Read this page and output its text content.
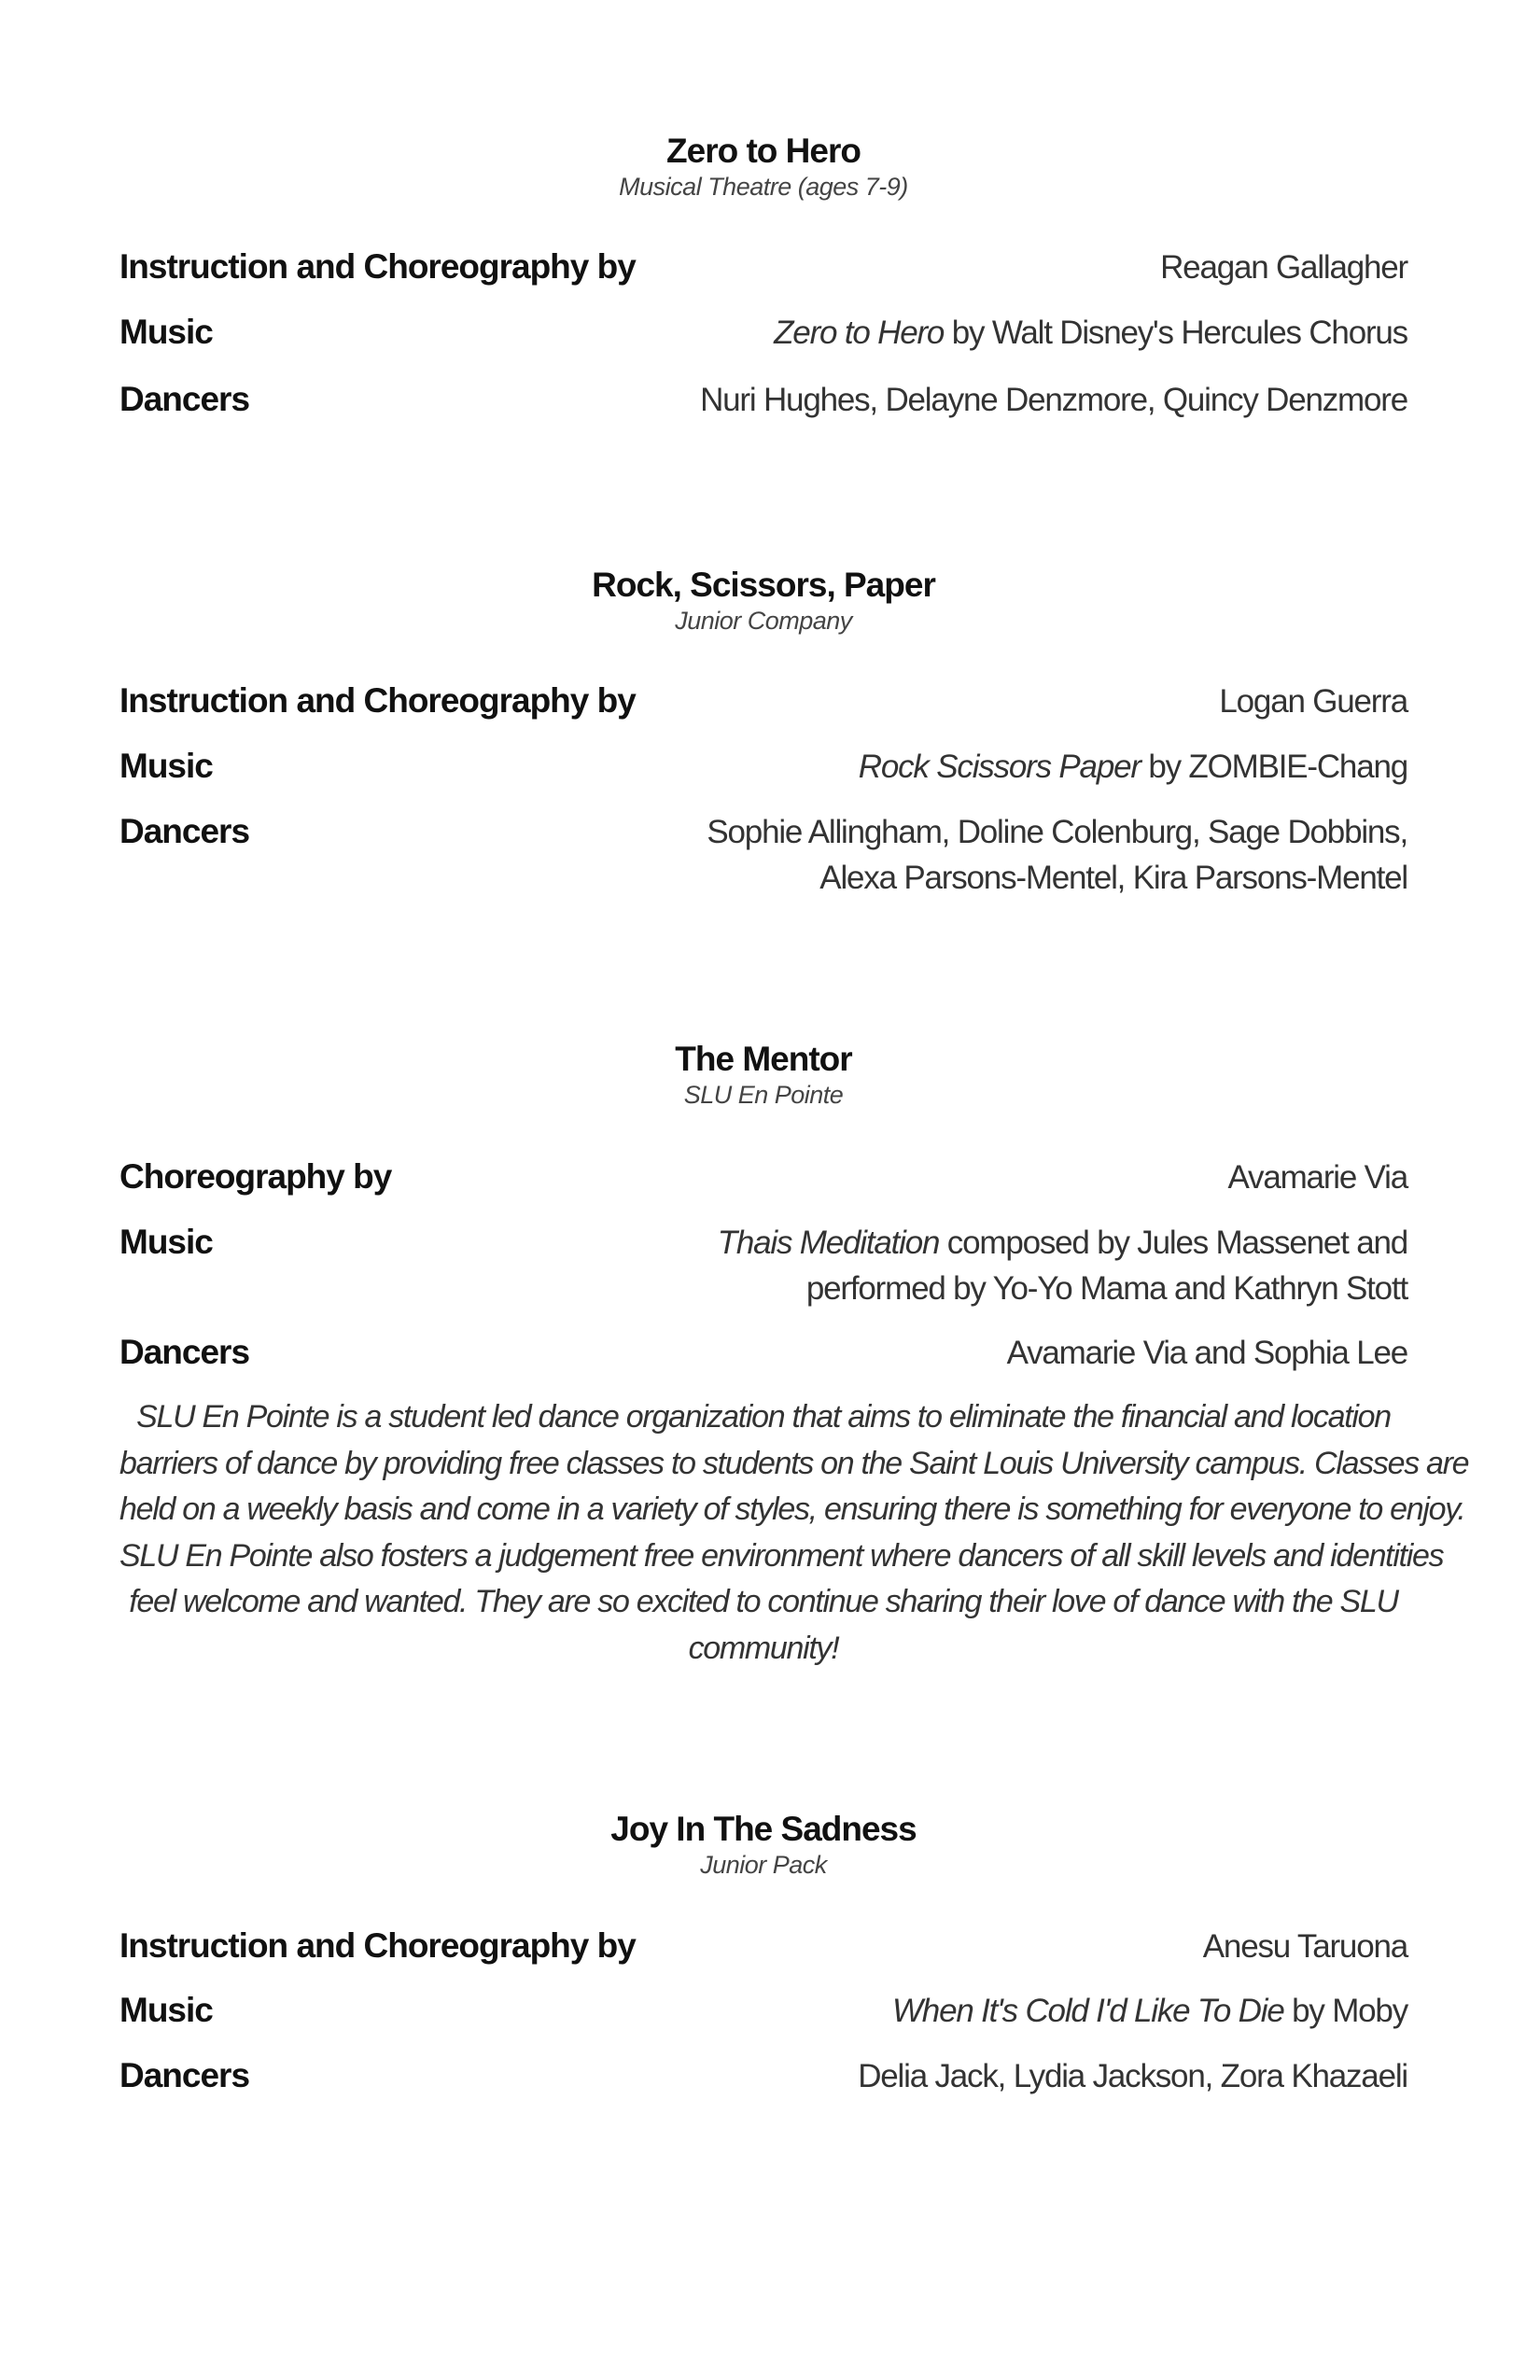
Zero to Hero
Musical Theatre (ages 7-9)
Instruction and Choreography by	Reagan Gallagher
Music	Zero to Hero by Walt Disney's Hercules Chorus
Dancers	Nuri Hughes, Delayne Denzmore, Quincy Denzmore
Rock, Scissors, Paper
Junior Company
Instruction and Choreography by	Logan Guerra
Music	Rock Scissors Paper by ZOMBIE-Chang
Dancers	Sophie Allingham, Doline Colenburg, Sage Dobbins,
Alexa Parsons-Mentel, Kira Parsons-Mentel
The Mentor
SLU En Pointe
Choreography by	Avamarie Via
Music	Thais Meditation composed by Jules Massenet and
performed by Yo-Yo Mama and Kathryn Stott
Dancers	Avamarie Via and Sophia Lee
SLU En Pointe is a student led dance organization that aims to eliminate the financial and location
barriers of dance by providing free classes to students on the Saint Louis University campus. Classes are
held on a weekly basis and come in a variety of styles, ensuring there is something for everyone to enjoy.
SLU En Pointe also fosters a judgement free environment where dancers of all skill levels and identities
feel welcome and wanted. They are so excited to continue sharing their love of dance with the SLU
community!
Joy In The Sadness
Junior Pack
Instruction and Choreography by	Anesu Taruona
Music	When It's Cold I'd Like To Die by Moby
Dancers	Delia Jack, Lydia Jackson, Zora Khazaeli
